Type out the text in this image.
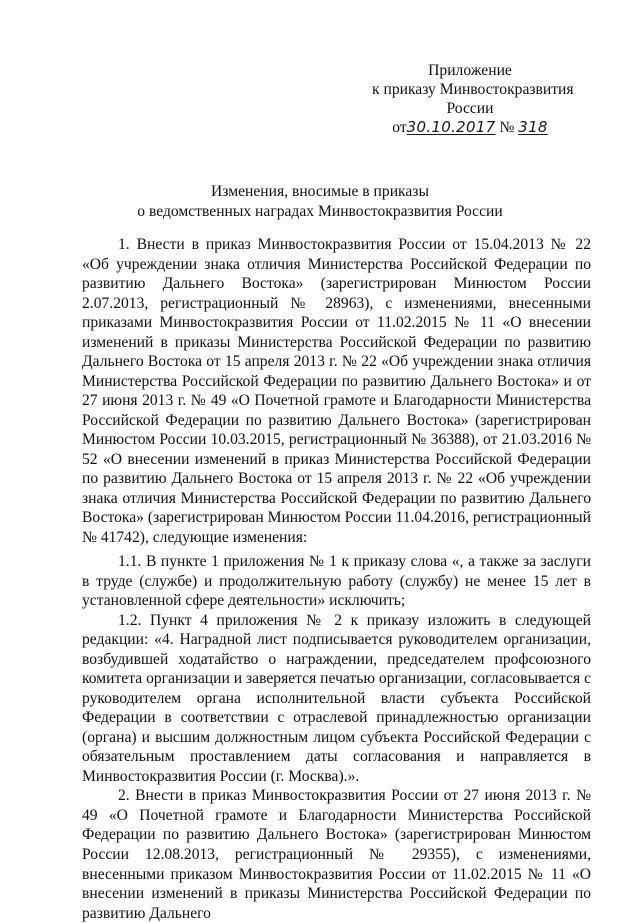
Приложение
к приказу Минвостокразвития
России
от30.10.2017 № 318
Изменения, вносимые в приказы
о ведомственных наградах Минвостокразвития России

1. Внести в приказ Минвостокразвития России от 15.04.2013 № 22 «Об учреждении знака отличия Министерства Российской Федерации по развитию Дальнего Востока» (зарегистрирован Минюстом России 2.07.2013, регистрационный № 28963), с изменениями, внесенными приказами Минвостокразвития России от 11.02.2015 № 11 «О внесении изменений в приказы Министерства Российской Федерации по развитию Дальнего Востока от 15 апреля 2013 г. № 22 «Об учреждении знака отличия Министерства Российской Федерации по развитию Дальнего Востока» и от 27 июня 2013 г. № 49 «О Почетной грамоте и Благодарности Министерства Российской Федерации по развитию Дальнего Востока» (зарегистрирован Минюстом России 10.03.2015, регистрационный № 36388), от 21.03.2016 № 52 «О внесении изменений в приказ Министерства Российской Федерации по развитию Дальнего Востока от 15 апреля 2013 г. № 22 «Об учреждении знака отличия Министерства Российской Федерации по развитию Дальнего Востока» (зарегистрирован Минюстом России 11.04.2016, регистрационный № 41742), следующие изменения:

1.1. В пункте 1 приложения № 1 к приказу слова «, а также за заслуги в труде (службе) и продолжительную работу (службу) не менее 15 лет в установленной сфере деятельности» исключить;

1.2. Пункт 4 приложения № 2 к приказу изложить в следующей редакции: «4. Наградной лист подписывается руководителем организации, возбудившей ходатайство о награждении, председателем профсоюзного комитета организации и заверяется печатью организации, согласовывается с руководителем органа исполнительной власти субъекта Российской Федерации в соответствии с отраслевой принадлежностью организации (органа) и высшим должностным лицом субъекта Российской Федерации с обязательным проставлением даты согласования и направляется в Минвостокразвития России (г. Москва).».

2. Внести в приказ Минвостокразвития России от 27 июня 2013 г. № 49 «О Почетной грамоте и Благодарности Министерства Российской Федерации по развитию Дальнего Востока» (зарегистрирован Минюстом России 12.08.2013, регистрационный № 29355), с изменениями, внесенными приказом Минвостокразвития России от 11.02.2015 № 11 «О внесении изменений в приказы Министерства Российской Федерации по развитию Дальнего
